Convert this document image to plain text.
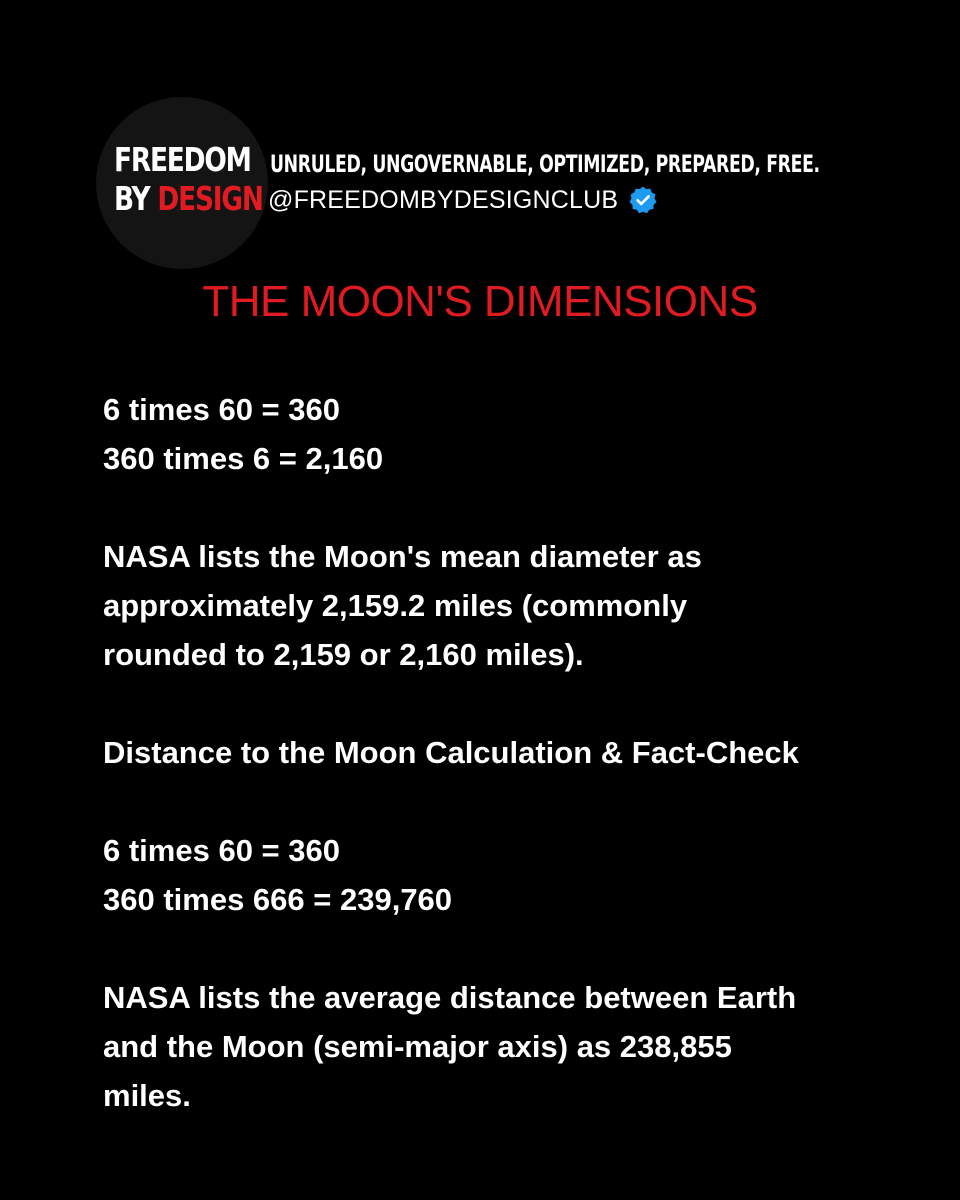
FREEDOM
BY DESIGN
UNRULED, UNGOVERNABLE, OPTIMIZED, PREPARED, FREE.
@FREEDOMBYDESIGNCLUB
THE MOON'S DIMENSIONS
6 times 60 = 360
360 times 6 = 2,160
NASA lists the Moon's mean diameter as
approximately 2,159.2 miles (commonly
rounded to 2,159 or 2,160 miles).
Distance to the Moon Calculation & Fact-Check
6 times 60 = 360
360 times 666 = 239,760
NASA lists the average distance between Earth
and the Moon (semi-major axis) as 238,855
miles.
